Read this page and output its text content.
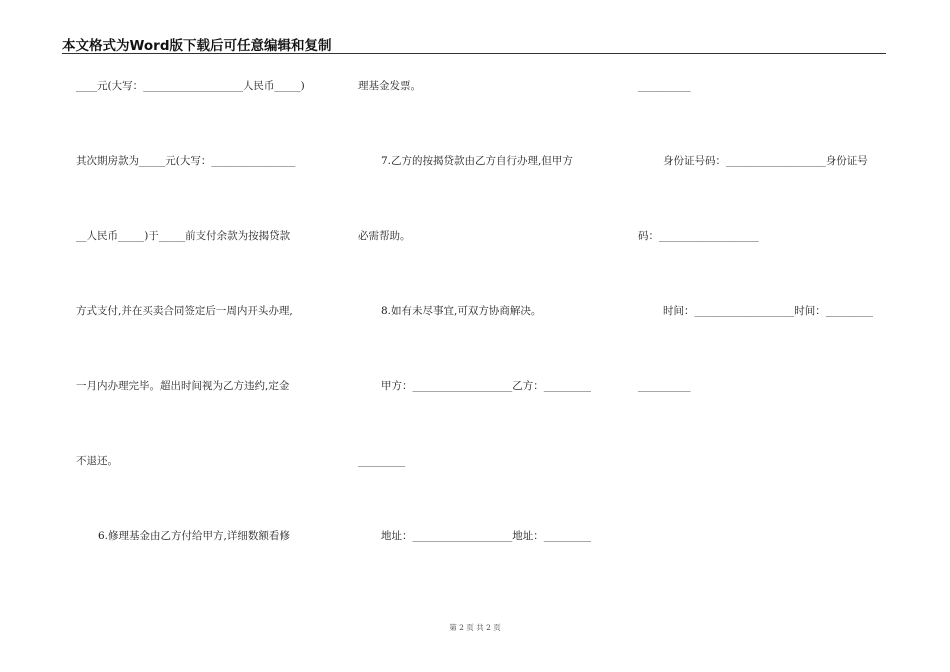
本文格式为Word版下载后可任意编辑和复制
____元(大写：___________________人民币_____)
其次期房款为_____元(大写：________________
__人民币_____)于_____前支付余款为按揭贷款
方式支付,并在买卖合同签定后一周内开头办理,
一月内办理完毕。超出时间视为乙方违约,定金
不退还。
6.修理基金由乙方付给甲方,详细数额看修
理基金发票。
7.乙方的按揭贷款由乙方自行办理,但甲方
必需帮助。
8.如有未尽事宜,可双方协商解决。
甲方：___________________乙方：_________
_________
地址：___________________地址：_________
__________
身份证号码：___________________身份证号
码：___________________
时间：___________________时间：_________
__________
第 2 页 共 2 页
